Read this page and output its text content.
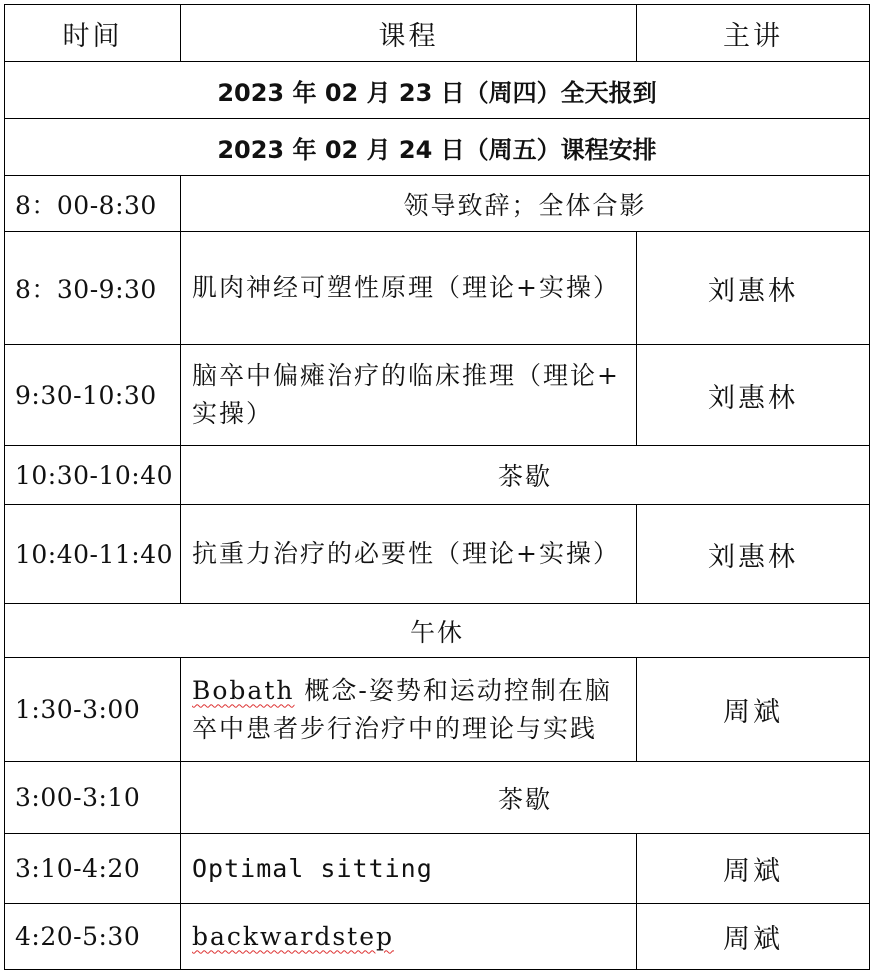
时间	课程	主讲
2023 年 02 月 23 日（周四）全天报到		
2023 年 02 月 24 日（周五）课程安排		
8：00-8:30	领导致辞；全体合影	
8：30-9:30	肌肉神经可塑性原理（理论+实操）	刘惠林
9:30-10:30	脑卒中偏瘫治疗的临床推理（理论+
实操）	刘惠林
10:30-10:40	茶歇	
10:40-11:40	抗重力治疗的必要性（理论+实操）	刘惠林
午休		
1:30-3:00	Bobath 概念-姿势和运动控制在脑
卒中患者步行治疗中的理论与实践	周斌
3:00-3:10	茶歇	
3:10-4:20	Optimal sitting	周斌
4:20-5:30	backwardstep	周斌
